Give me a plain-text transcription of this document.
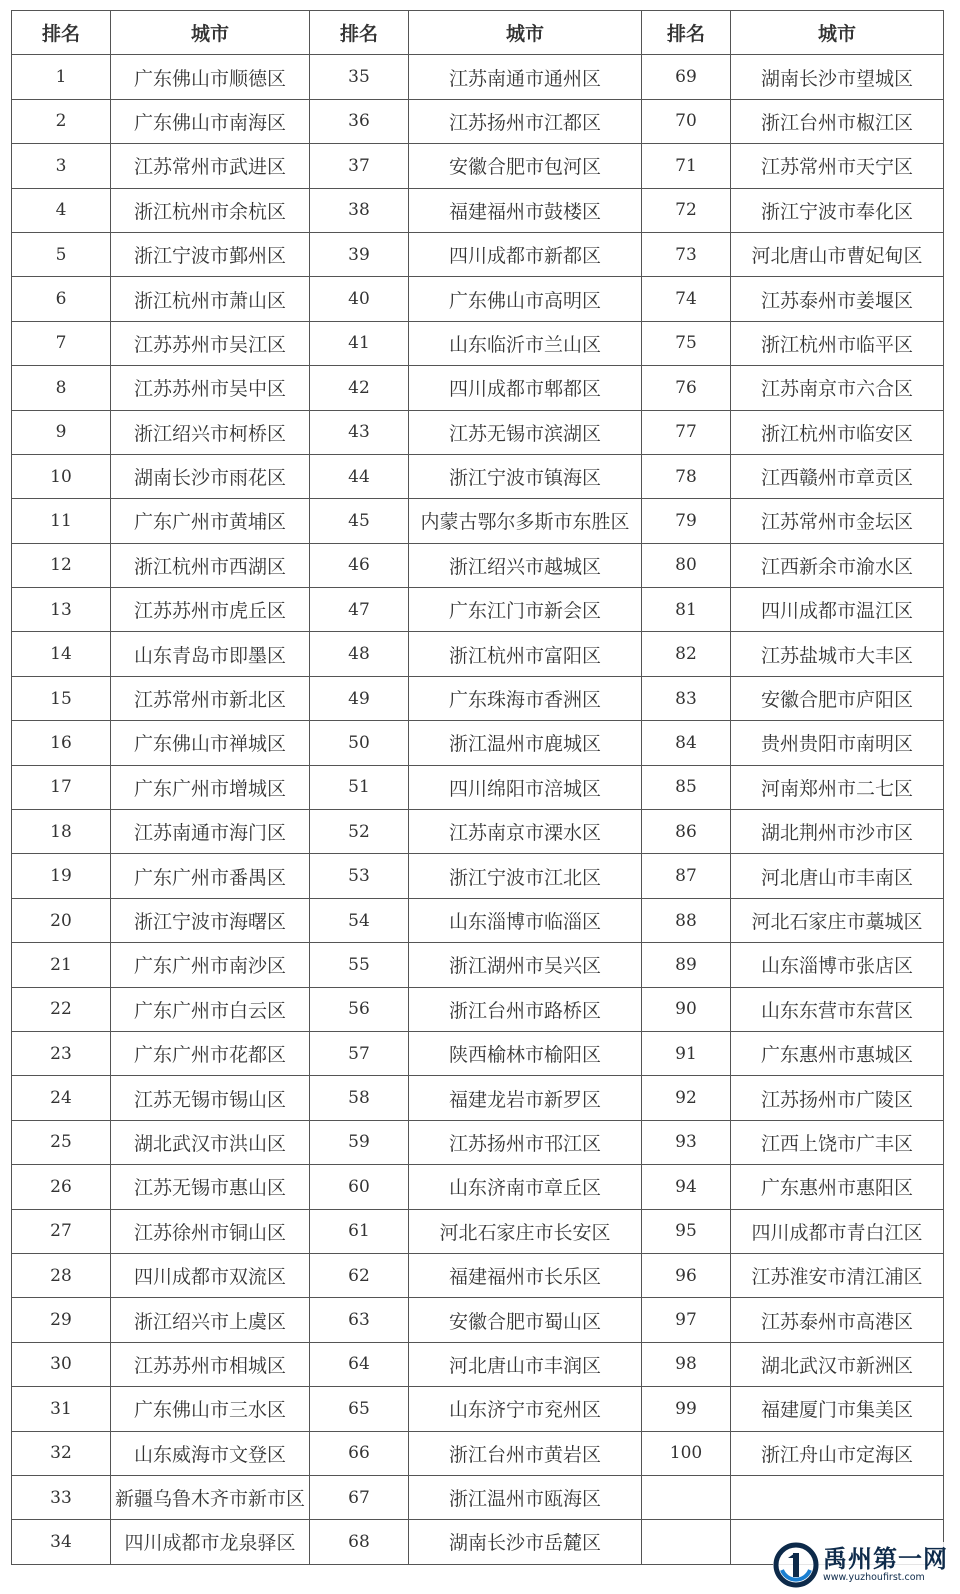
排名	城市	排名	城市	排名	城市
1	广东佛山市顺德区	35	江苏南通市通州区	69	湖南长沙市望城区
2	广东佛山市南海区	36	江苏扬州市江都区	70	浙江台州市椒江区
3	江苏常州市武进区	37	安徽合肥市包河区	71	江苏常州市天宁区
4	浙江杭州市余杭区	38	福建福州市鼓楼区	72	浙江宁波市奉化区
5	浙江宁波市鄞州区	39	四川成都市新都区	73	河北唐山市曹妃甸区
6	浙江杭州市萧山区	40	广东佛山市高明区	74	江苏泰州市姜堰区
7	江苏苏州市吴江区	41	山东临沂市兰山区	75	浙江杭州市临平区
8	江苏苏州市吴中区	42	四川成都市郫都区	76	江苏南京市六合区
9	浙江绍兴市柯桥区	43	江苏无锡市滨湖区	77	浙江杭州市临安区
10	湖南长沙市雨花区	44	浙江宁波市镇海区	78	江西赣州市章贡区
11	广东广州市黄埔区	45	内蒙古鄂尔多斯市东胜区	79	江苏常州市金坛区
12	浙江杭州市西湖区	46	浙江绍兴市越城区	80	江西新余市渝水区
13	江苏苏州市虎丘区	47	广东江门市新会区	81	四川成都市温江区
14	山东青岛市即墨区	48	浙江杭州市富阳区	82	江苏盐城市大丰区
15	江苏常州市新北区	49	广东珠海市香洲区	83	安徽合肥市庐阳区
16	广东佛山市禅城区	50	浙江温州市鹿城区	84	贵州贵阳市南明区
17	广东广州市增城区	51	四川绵阳市涪城区	85	河南郑州市二七区
18	江苏南通市海门区	52	江苏南京市溧水区	86	湖北荆州市沙市区
19	广东广州市番禺区	53	浙江宁波市江北区	87	河北唐山市丰南区
20	浙江宁波市海曙区	54	山东淄博市临淄区	88	河北石家庄市藁城区
21	广东广州市南沙区	55	浙江湖州市吴兴区	89	山东淄博市张店区
22	广东广州市白云区	56	浙江台州市路桥区	90	山东东营市东营区
23	广东广州市花都区	57	陕西榆林市榆阳区	91	广东惠州市惠城区
24	江苏无锡市锡山区	58	福建龙岩市新罗区	92	江苏扬州市广陵区
25	湖北武汉市洪山区	59	江苏扬州市邗江区	93	江西上饶市广丰区
26	江苏无锡市惠山区	60	山东济南市章丘区	94	广东惠州市惠阳区
27	江苏徐州市铜山区	61	河北石家庄市长安区	95	四川成都市青白江区
28	四川成都市双流区	62	福建福州市长乐区	96	江苏淮安市清江浦区
29	浙江绍兴市上虞区	63	安徽合肥市蜀山区	97	江苏泰州市高港区
30	江苏苏州市相城区	64	河北唐山市丰润区	98	湖北武汉市新洲区
31	广东佛山市三水区	65	山东济宁市兖州区	99	福建厦门市集美区
32	山东威海市文登区	66	浙江台州市黄岩区	100	浙江舟山市定海区
33	新疆乌鲁木齐市新市区	67	浙江温州市瓯海区		
34	四川成都市龙泉驿区	68	湖南长沙市岳麓区		
禹州第一网
www.yuzhoufirst.com
